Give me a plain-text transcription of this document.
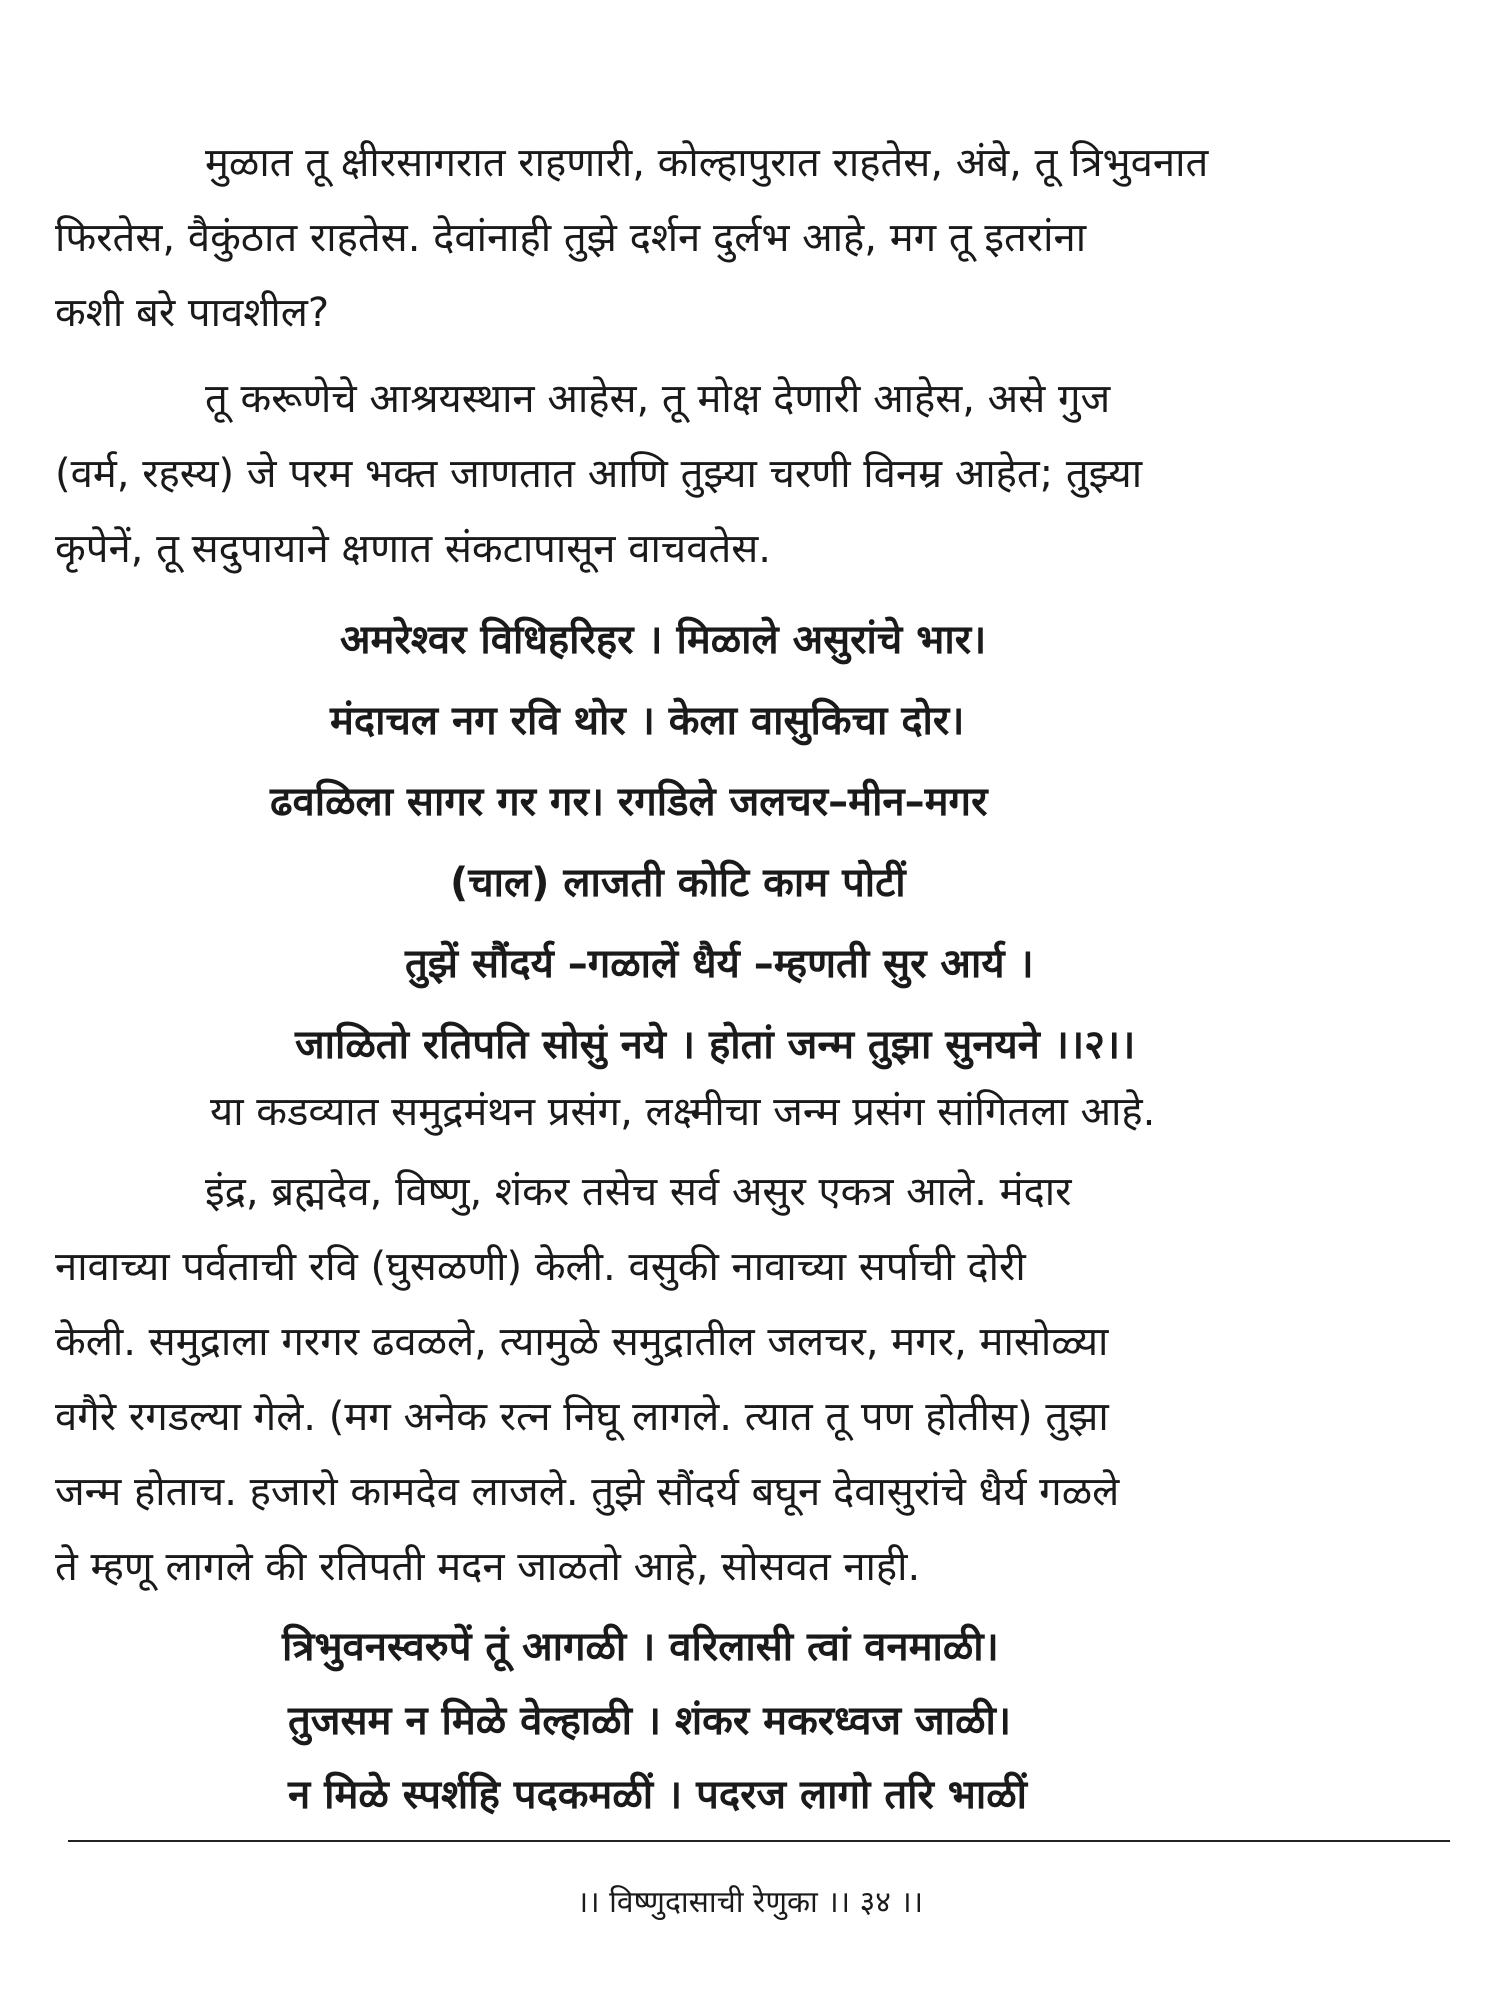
मुळात तू क्षीरसागरात राहणारी, कोल्हापुरात राहतेस, अंबे, तू त्रिभुवनात
फिरतेस, वैकुंठात राहतेस. देवांनाही तुझे दर्शन दुर्लभ आहे, मग तू इतरांना
कशी बरे पावशील?
तू करूणेचे आश्रयस्थान आहेस, तू मोक्ष देणारी आहेस, असे गुज
(वर्म, रहस्य) जे परम भक्त जाणतात आणि तुझ्या चरणी विनम्र आहेत; तुझ्या
कृपेनें, तू सदुपायाने क्षणात संकटापासून वाचवतेस.
अमरेश्वर विधिहरिहर । मिळाले असुरांचे भार।
मंदाचल नग रवि थोर । केला वासुकिचा दोर।
ढवळिला सागर गर गर। रगडिले जलचर–मीन–मगर
(चाल) लाजती कोटि काम पोटीं
तुझें सौंदर्य –गळालें धैर्य –म्हणती सुर आर्य ।
जाळितो रतिपति सोसुं नये । होतां जन्म तुझा सुनयने ।।२।।
या कडव्यात समुद्रमंथन प्रसंग, लक्ष्मीचा जन्म प्रसंग सांगितला आहे.
इंद्र, ब्रह्मदेव, विष्णु, शंकर तसेच सर्व असुर एकत्र आले. मंदार
नावाच्या पर्वताची रवि (घुसळणी) केली. वसुकी नावाच्या सर्पाची दोरी
केली. समुद्राला गरगर ढवळले, त्यामुळे समुद्रातील जलचर, मगर, मासोळ्या
वगैरे रगडल्या गेले. (मग अनेक रत्न निघू लागले. त्यात तू पण होतीस) तुझा
जन्म होताच. हजारो कामदेव लाजले. तुझे सौंदर्य बघून देवासुरांचे धैर्य गळले
ते म्हणू लागले की रतिपती मदन जाळतो आहे, सोसवत नाही.
त्रिभुवनस्वरुपें तूं आगळी । वरिलासी त्वां वनमाळी।
तुजसम न मिळे वेल्हाळी । शंकर मकरध्वज जाळी।
न मिळे स्पर्शहि पदकमळीं । पदरज लागो तरि भाळीं
।। विष्णुदासाची रेणुका ।। ३४ ।।
